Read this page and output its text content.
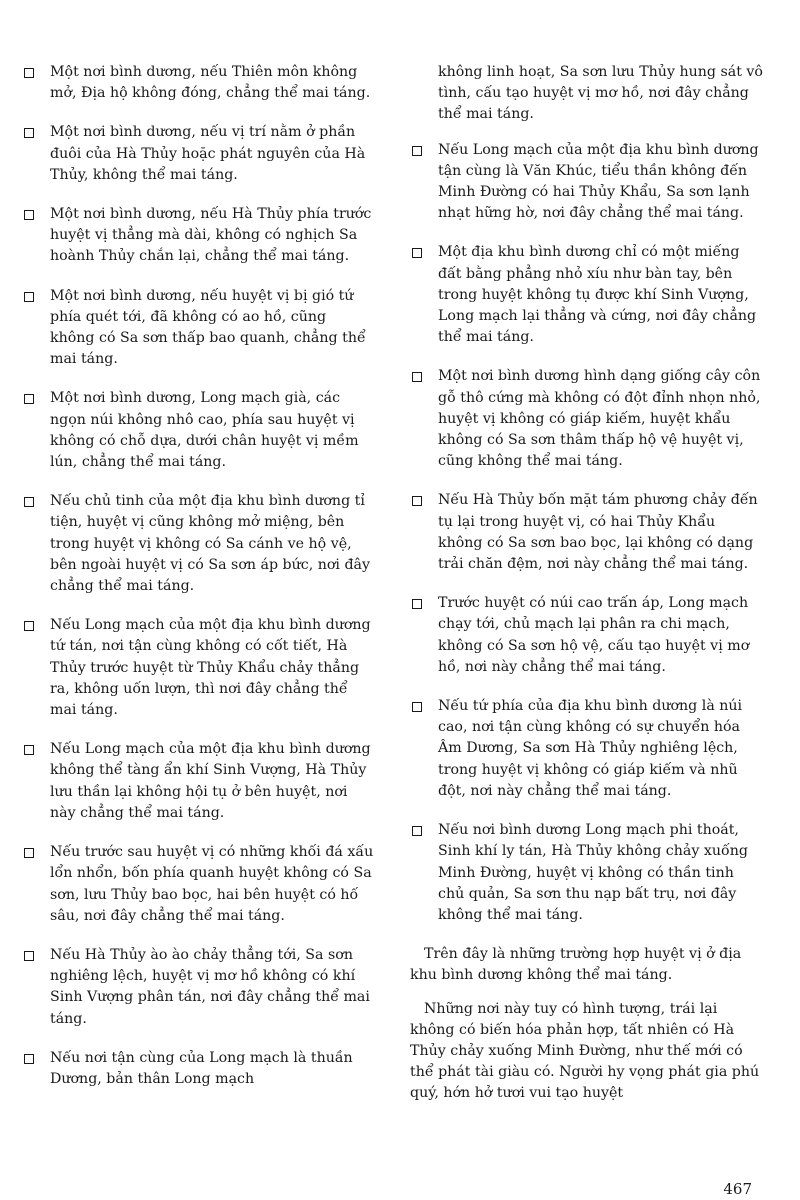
Một nơi bình dương, nếu Thiên môn không mở, Địa hộ không đóng, chẳng thể mai táng.
Một nơi bình dương, nếu vị trí nằm ở phần đuôi của Hà Thủy hoặc phát nguyên của Hà Thủy, không thể mai táng.
Một nơi bình dương, nếu Hà Thủy phía trước huyệt vị thẳng mà dài, không có nghịch Sa hoành Thủy chắn lại, chẳng thể mai táng.
Một nơi bình dương, nếu huyệt vị bị gió tứ phía quét tới, đã không có ao hồ, cũng không có Sa sơn thấp bao quanh, chẳng thể mai táng.
Một nơi bình dương, Long mạch già, các ngọn núi không nhô cao, phía sau huyệt vị không có chỗ dựa, dưới chân huyệt vị mềm lún, chẳng thể mai táng.
Nếu chủ tinh của một địa khu bình dương tỉ tiện, huyệt vị cũng không mở miệng, bên trong huyệt vị không có Sa cánh ve hộ vệ, bên ngoài huyệt vị có Sa sơn áp bức, nơi đây chẳng thể mai táng.
Nếu Long mạch của một địa khu bình dương tứ tán, nơi tận cùng không có cốt tiết, Hà Thủy trước huyệt từ Thủy Khẩu chảy thẳng ra, không uốn lượn, thì nơi đây chẳng thể mai táng.
Nếu Long mạch của một địa khu bình dương không thể tàng ẩn khí Sinh Vượng, Hà Thủy lưu thần lại không hội tụ ở bên huyệt, nơi này chẳng thể mai táng.
Nếu trước sau huyệt vị có những khối đá xấu lổn nhổn, bốn phía quanh huyệt không có Sa sơn, lưu Thủy bao bọc, hai bên huyệt có hố sâu, nơi đây chẳng thể mai táng.
Nếu Hà Thủy ào ào chảy thẳng tới, Sa sơn nghiêng lệch, huyệt vị mơ hồ không có khí Sinh Vượng phân tán, nơi đây chẳng thể mai táng.
Nếu nơi tận cùng của Long mạch là thuần Dương, bản thân Long mạch
không linh hoạt, Sa sơn lưu Thủy hung sát vô tình, cấu tạo huyệt vị mơ hồ, nơi đây chẳng thể mai táng.
Nếu Long mạch của một địa khu bình dương tận cùng là Văn Khúc, tiểu thần không đến Minh Đường có hai Thủy Khẩu, Sa sơn lạnh nhạt hững hờ, nơi đây chẳng thể mai táng.
Một địa khu bình dương chỉ có một miếng đất bằng phẳng nhỏ xíu như bàn tay, bên trong huyệt không tụ được khí Sinh Vượng, Long mạch lại thẳng và cứng, nơi đây chẳng thể mai táng.
Một nơi bình dương hình dạng giống cây côn gỗ thô cứng mà không có đột đỉnh nhọn nhỏ, huyệt vị không có giáp kiếm, huyệt khẩu không có Sa sơn thâm thấp hộ vệ huyệt vị, cũng không thể mai táng.
Nếu Hà Thủy bốn mặt tám phương chảy đến tụ lại trong huyệt vị, có hai Thủy Khẩu không có Sa sơn bao bọc, lại không có dạng trải chăn đệm, nơi này chẳng thể mai táng.
Trước huyệt có núi cao trấn áp, Long mạch chạy tới, chủ mạch lại phân ra chi mạch, không có Sa sơn hộ vệ, cấu tạo huyệt vị mơ hồ, nơi này chẳng thể mai táng.
Nếu tứ phía của địa khu bình dương là núi cao, nơi tận cùng không có sự chuyển hóa Âm Dương, Sa sơn Hà Thủy nghiêng lệch, trong huyệt vị không có giáp kiếm và nhũ đột, nơi này chẳng thể mai táng.
Nếu nơi bình dương Long mạch phi thoát, Sinh khí ly tán, Hà Thủy không chảy xuống Minh Đường, huyệt vị không có thần tinh chủ quản, Sa sơn thu nạp bất trụ, nơi đây không thể mai táng.

Trên đây là những trường hợp huyệt vị ở địa khu bình dương không thể mai táng.

Những nơi này tuy có hình tượng, trái lại không có biến hóa phản hợp, tất nhiên có Hà Thủy chảy xuống Minh Đường, như thế mới có thể phát tài giàu có. Người hy vọng phát gia phú quý, hớn hở tươi vui tạo huyệt

467
